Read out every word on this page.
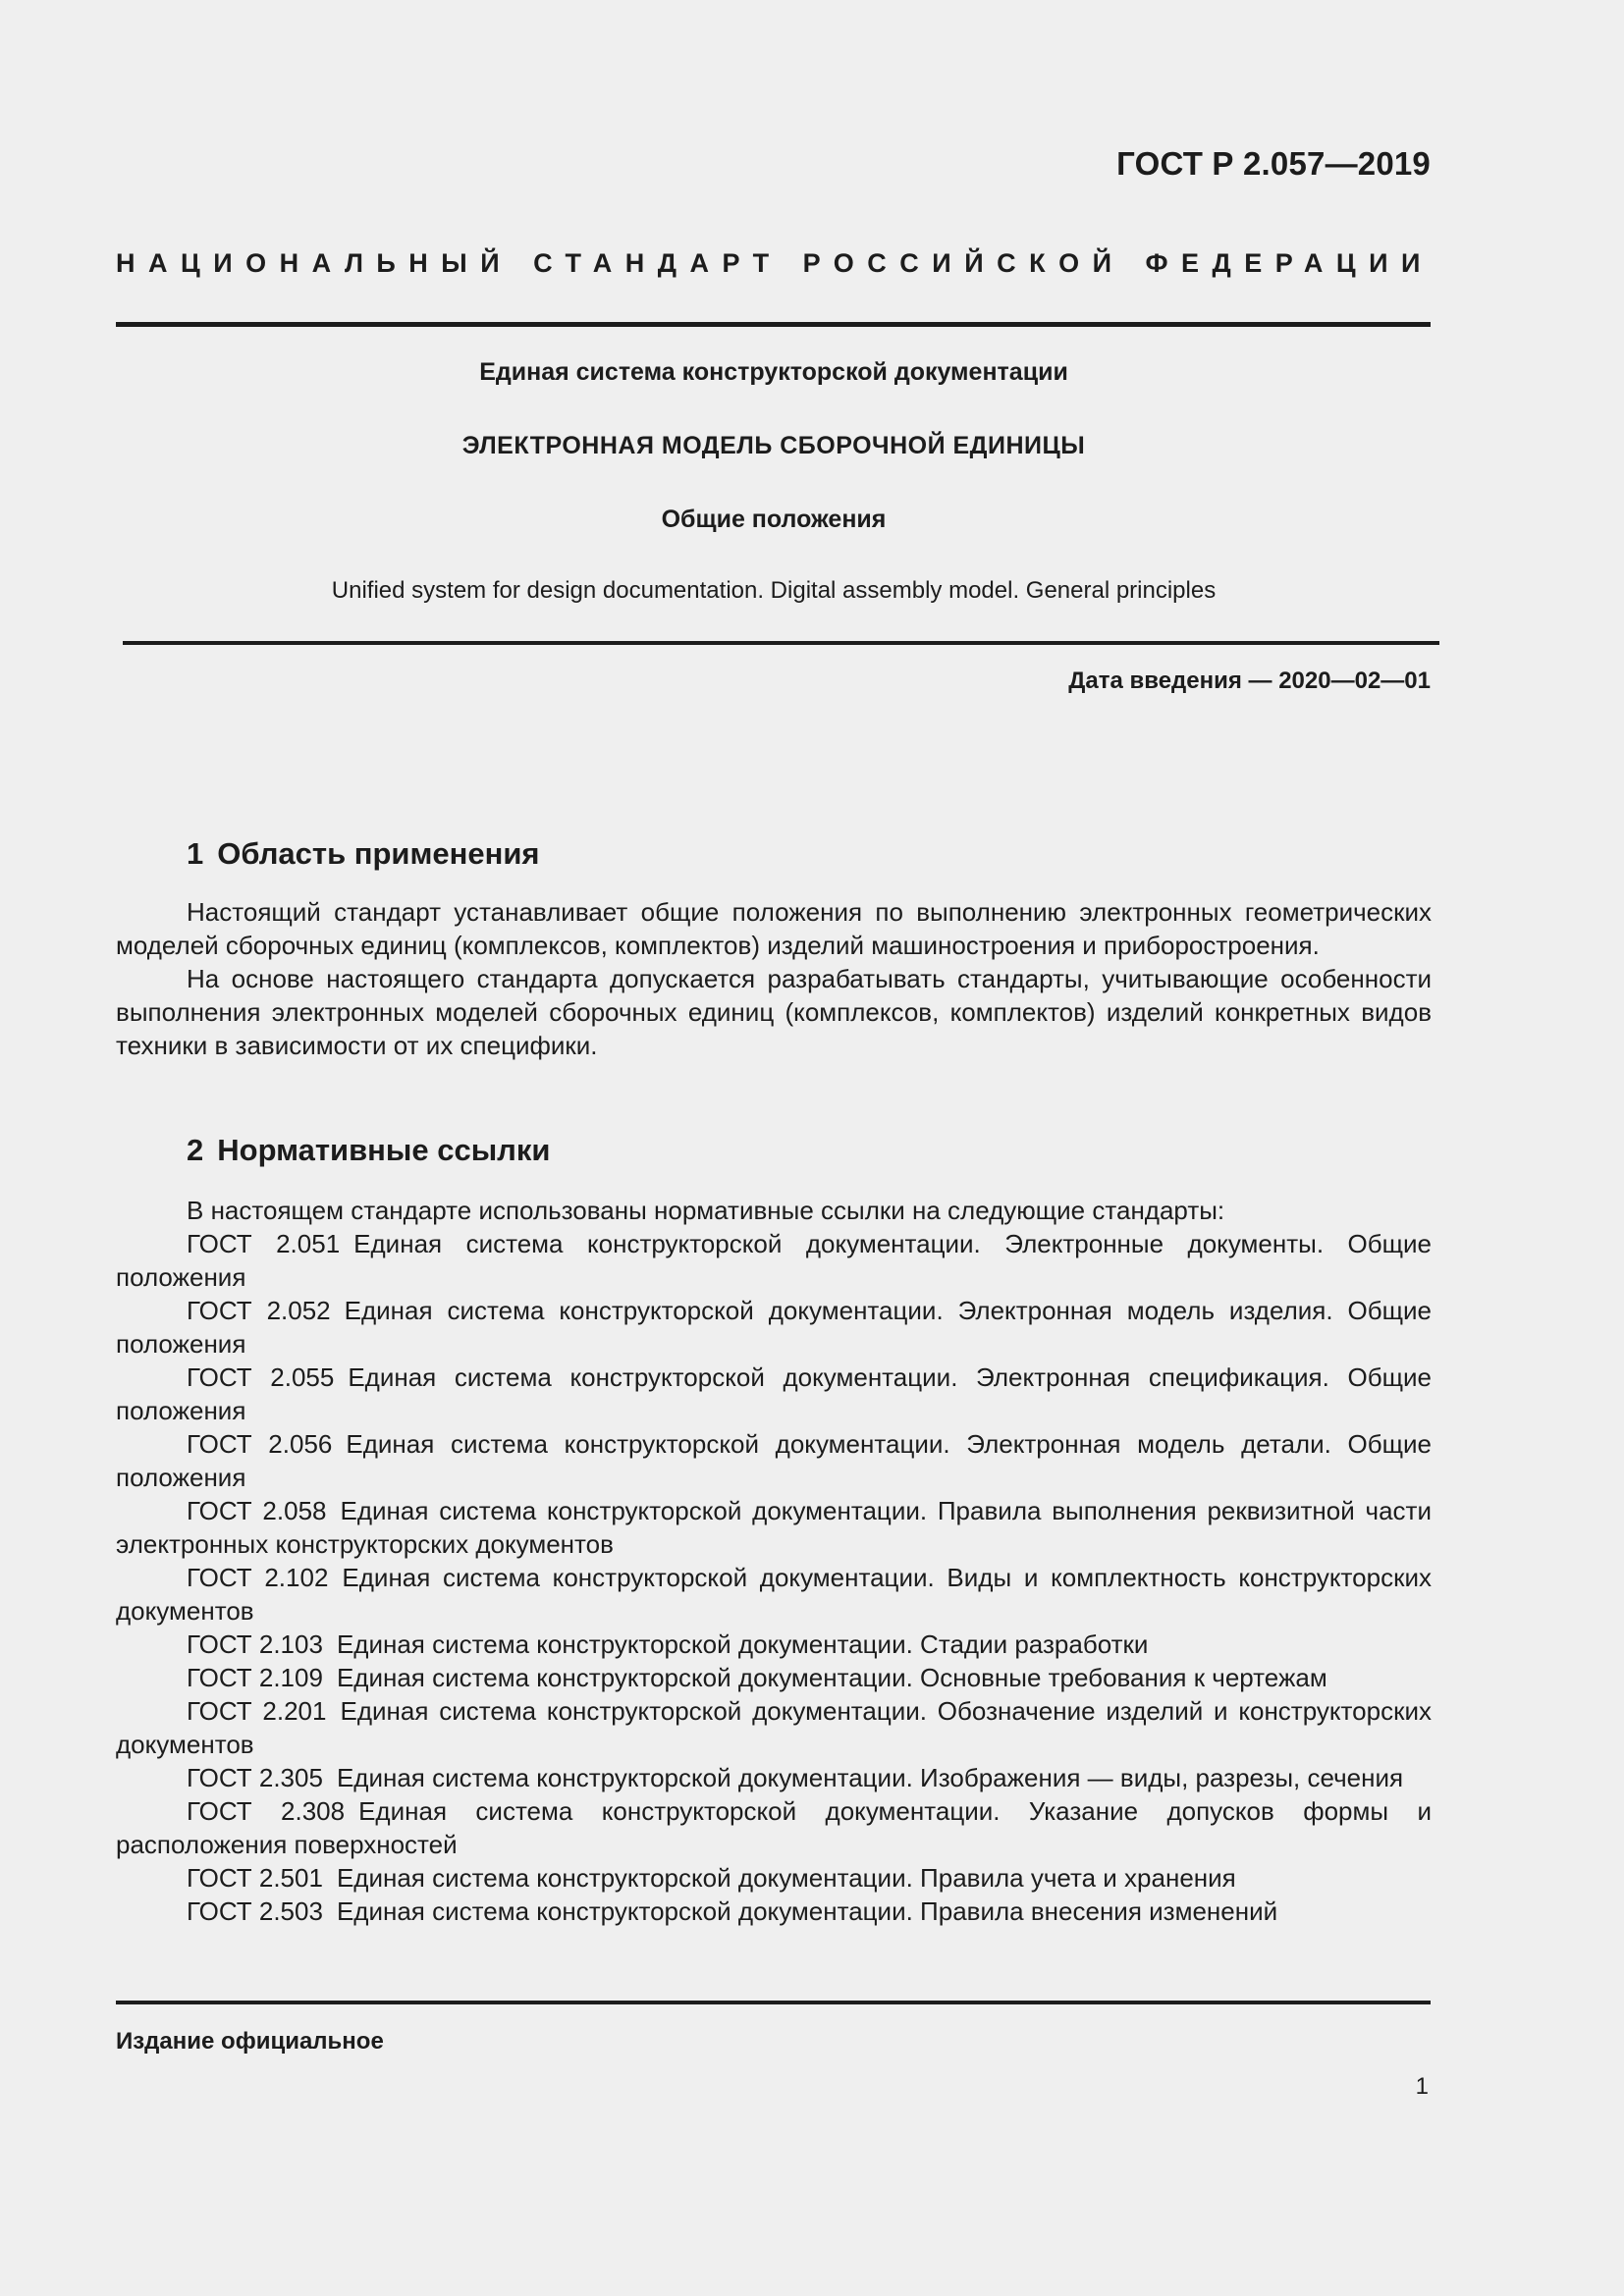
ГОСТ Р 2.057—2019
НАЦИОНАЛЬНЫЙ СТАНДАРТ РОССИЙСКОЙ ФЕДЕРАЦИИ
Единая система конструкторской документации
ЭЛЕКТРОННАЯ МОДЕЛЬ СБОРОЧНОЙ ЕДИНИЦЫ
Общие положения
Unified system for design documentation. Digital assembly model. General principles
Дата введения — 2020—02—01
1 Область применения

Настоящий стандарт устанавливает общие положения по выполнению электронных геометрических моделей сборочных единиц (комплексов, комплектов) изделий машиностроения и приборостроения.

На основе настоящего стандарта допускается разрабатывать стандарты, учитывающие особенности выполнения электронных моделей сборочных единиц (комплексов, комплектов) изделий конкретных видов техники в зависимости от их специфики.

2 Нормативные ссылки

В настоящем стандарте использованы нормативные ссылки на следующие стандарты:

ГОСТ 2.051 Единая система конструкторской документации. Электронные документы. Общие положения

ГОСТ 2.052 Единая система конструкторской документации. Электронная модель изделия. Общие положения

ГОСТ 2.055 Единая система конструкторской документации. Электронная спецификация. Общие положения

ГОСТ 2.056 Единая система конструкторской документации. Электронная модель детали. Общие положения

ГОСТ 2.058 Единая система конструкторской документации. Правила выполнения реквизитной части электронных конструкторских документов

ГОСТ 2.102 Единая система конструкторской документации. Виды и комплектность конструкторских документов

ГОСТ 2.103 Единая система конструкторской документации. Стадии разработки

ГОСТ 2.109 Единая система конструкторской документации. Основные требования к чертежам

ГОСТ 2.201 Единая система конструкторской документации. Обозначение изделий и конструкторских документов

ГОСТ 2.305 Единая система конструкторской документации. Изображения — виды, разрезы, сечения

ГОСТ 2.308 Единая система конструкторской документации. Указание допусков формы и расположения поверхностей

ГОСТ 2.501 Единая система конструкторской документации. Правила учета и хранения

ГОСТ 2.503 Единая система конструкторской документации. Правила внесения изменений

Издание официальное
1
